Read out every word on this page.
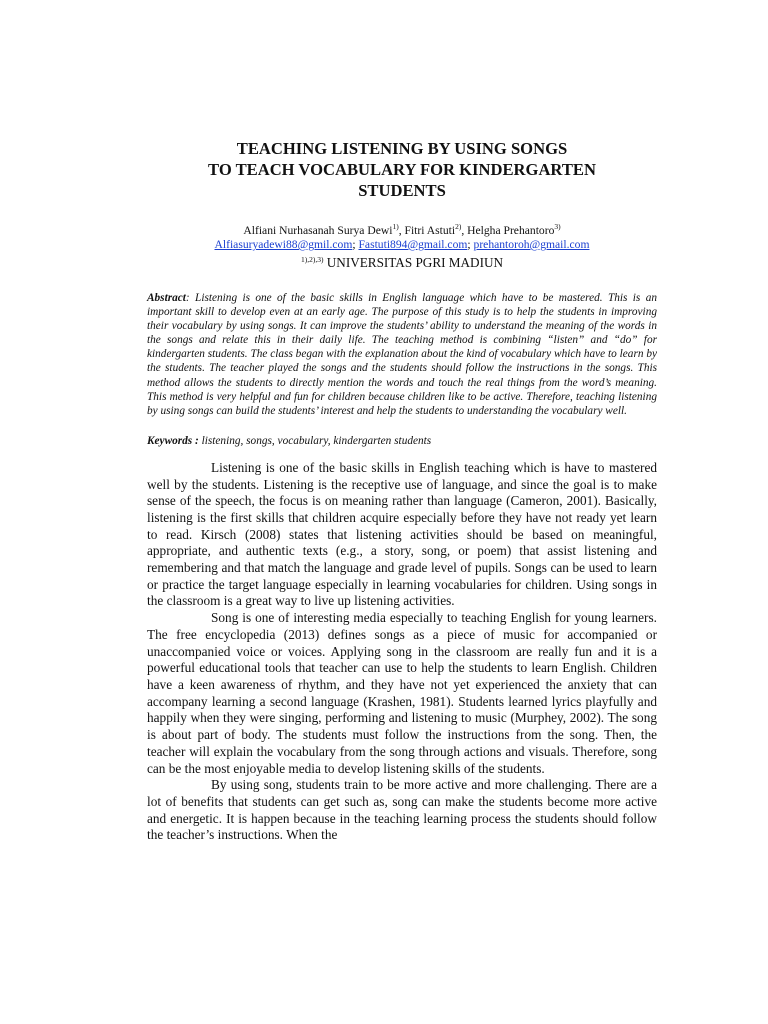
TEACHING LISTENING BY USING SONGS
TO TEACH VOCABULARY FOR KINDERGARTEN
STUDENTS
Alfiani Nurhasanah Surya Dewi$^{1)}$, Fitri Astuti$^{2)}$, Helgha Prehantoro$^{3)}$
Alfiasuryadewi88@gmil.com; Fastuti894@gmail.com; prehantoroh@gmail.com
$^{1),2),3)}$ UNIVERSITAS PGRI MADIUN
Abstract: Listening is one of the basic skills in English language which have to be mastered. This is an important skill to develop even at an early age. The purpose of this study is to help the students in improving their vocabulary by using songs. It can improve the students’ ability to understand the meaning of the words in the songs and relate this in their daily life. The teaching method is combining “listen” and “do” for kindergarten students. The class began with the explanation about the kind of vocabulary which have to learn by the students. The teacher played the songs and the students should follow the instructions in the songs. This method allows the students to directly mention the words and touch the real things from the word’s meaning. This method is very helpful and fun for children because children like to be active. Therefore, teaching listening by using songs can build the students’ interest and help the students to understanding the vocabulary well.
Keywords : listening, songs, vocabulary, kindergarten students

Listening is one of the basic skills in English teaching which is have to mastered well by the students. Listening is the receptive use of language, and since the goal is to make sense of the speech, the focus is on meaning rather than language (Cameron, 2001). Basically, listening is the first skills that children acquire especially before they have not ready yet learn to read. Kirsch (2008) states that listening activities should be based on meaningful, appropriate, and authentic texts (e.g., a story, song, or poem) that assist listening and remembering and that match the language and grade level of pupils. Songs can be used to learn or practice the target language especially in learning vocabularies for children. Using songs in the classroom is a great way to live up listening activities.

Song is one of interesting media especially to teaching English for young learners. The free encyclopedia (2013) defines songs as a piece of music for accompanied or unaccompanied voice or voices. Applying song in the classroom are really fun and it is a powerful educational tools that teacher can use to help the students to learn English. Children have a keen awareness of rhythm, and they have not yet experienced the anxiety that can accompany learning a second language (Krashen, 1981). Students learned lyrics playfully and happily when they were singing, performing and listening to music (Murphey, 2002). The song is about part of body. The students must follow the instructions from the song. Then, the teacher will explain the vocabulary from the song through actions and visuals. Therefore, song can be the most enjoyable media to develop listening skills of the students.

By using song, students train to be more active and more challenging. There are a lot of benefits that students can get such as, song can make the students become more active and energetic. It is happen because in the teaching learning process the students should follow the teacher’s instructions. When the
